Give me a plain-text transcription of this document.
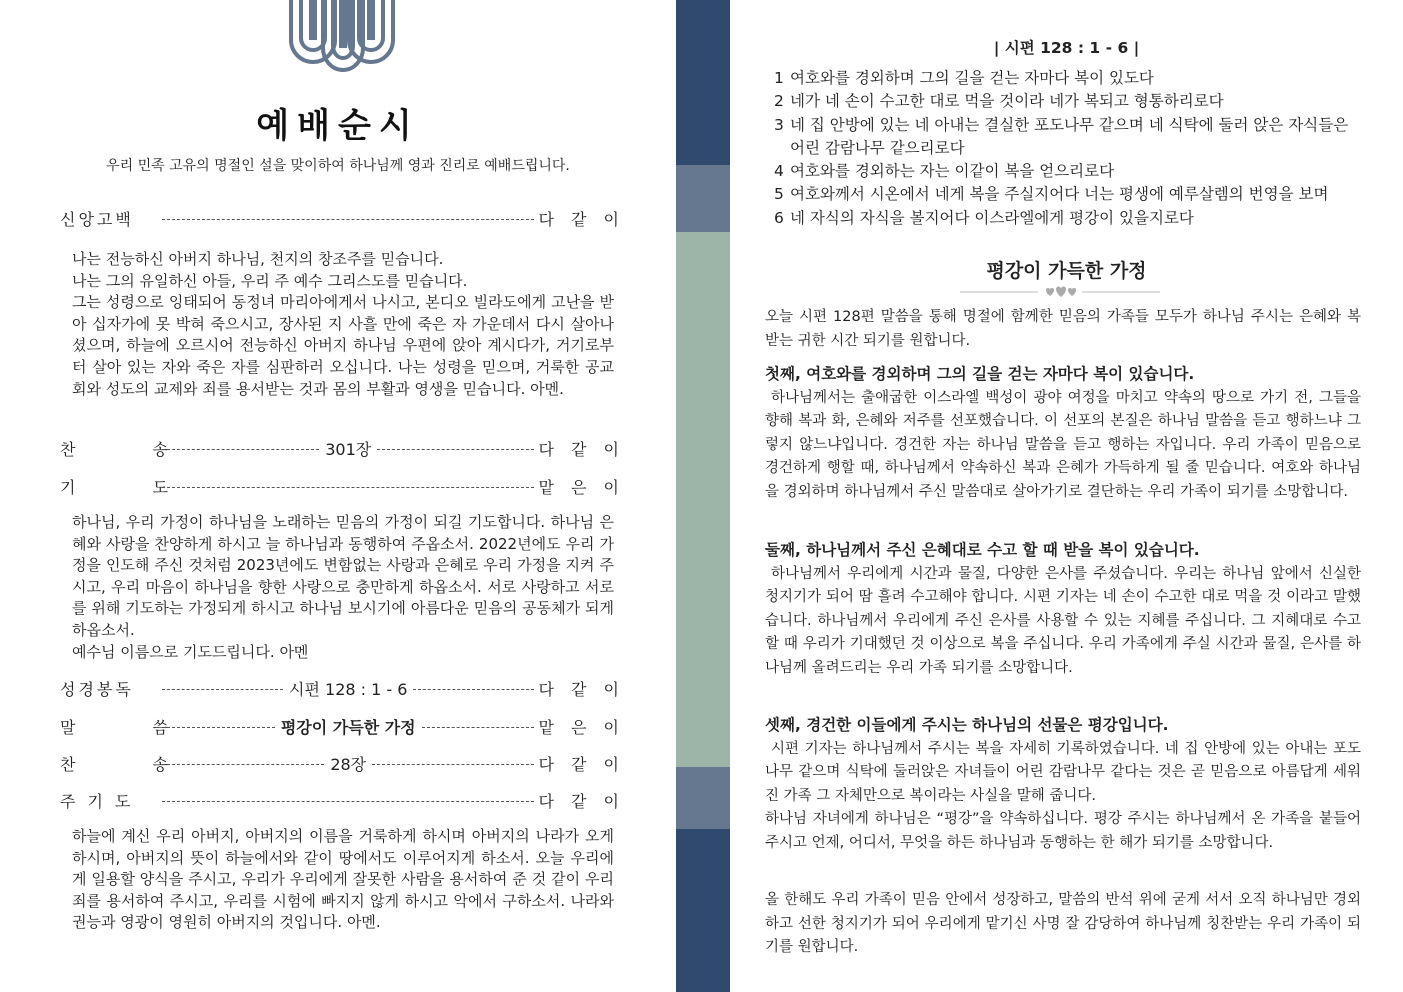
예배순시
우리 민족 고유의 명절인 설을 맞이하여 하나님께 영과 진리로 예배드립니다.
신앙고백	다 같 이

나는 전능하신 아버지 하나님, 천지의 창조주를 믿습니다.

나는 그의 유일하신 아들, 우리 주 예수 그리스도를 믿습니다.

그는 성령으로 잉태되어 동정녀 마리아에게서 나시고, 본디오 빌라도에게 고난을 받아 십자가에 못 박혀 죽으시고, 장사된 지 사흘 만에 죽은 자 가운데서 다시 살아나셨으며, 하늘에 오르시어 전능하신 아버지 하나님 우편에 앉아 계시다가, 거기로부터 살아 있는 자와 죽은 자를 심판하러 오십니다. 나는 성령을 믿으며, 거룩한 공교회와 성도의 교제와 죄를 용서받는 것과 몸의 부활과 영생을 믿습니다. 아멘.

찬 송	301장	다 같 이
기 도	맡 은 이

하나님, 우리 가정이 하나님을 노래하는 믿음의 가정이 되길 기도합니다. 하나님 은혜와 사랑을 찬양하게 하시고 늘 하나님과 동행하여 주옵소서. 2022년에도 우리 가정을 인도해 주신 것처럼 2023년에도 변함없는 사랑과 은혜로 우리 가정을 지켜 주시고, 우리 마음이 하나님을 향한 사랑으로 충만하게 하옵소서. 서로 사랑하고 서로를 위해 기도하는 가정되게 하시고 하나님 보시기에 아름다운 믿음의 공동체가 되게 하옵소서.

예수님 이름으로 기도드립니다. 아멘

성경봉독	시편 128 : 1 - 6	다 같 이
말 씀	평강이 가득한 가정	맡 은 이
찬 송	28장	다 같 이
주기도	다 같 이

하늘에 계신 우리 아버지, 아버지의 이름을 거룩하게 하시며 아버지의 나라가 오게 하시며, 아버지의 뜻이 하늘에서와 같이 땅에서도 이루어지게 하소서. 오늘 우리에게 일용할 양식을 주시고, 우리가 우리에게 잘못한 사람을 용서하여 준 것 같이 우리 죄를 용서하여 주시고, 우리를 시험에 빠지지 않게 하시고 악에서 구하소서. 나라와 권능과 영광이 영원히 아버지의 것입니다. 아멘.

| 시편 128 : 1 - 6 |
1 여호와를 경외하며 그의 길을 걷는 자마다 복이 있도다
2 네가 네 손이 수고한 대로 먹을 것이라 네가 복되고 형통하리로다
3 네 집 안방에 있는 네 아내는 결실한 포도나무 같으며 네 식탁에 둘러 앉은 자식들은 어린 감람나무 같으리로다
4 여호와를 경외하는 자는 이같이 복을 얻으리로다
5 여호와께서 시온에서 네게 복을 주실지어다 너는 평생에 예루살렘의 번영을 보며
6 네 자식의 자식을 볼지어다 이스라엘에게 평강이 있을지로다
평강이 가득한 가정

오늘 시편 128편 말씀을 통해 명절에 함께한 믿음의 가족들 모두가 하나님 주시는 은혜와 복 받는 귀한 시간 되기를 원합니다.

첫째, 여호와를 경외하며 그의 길을 걷는 자마다 복이 있습니다.

하나님께서는 출애굽한 이스라엘 백성이 광야 여정을 마치고 약속의 땅으로 가기 전, 그들을 향해 복과 화, 은혜와 저주를 선포했습니다. 이 선포의 본질은 하나님 말씀을 듣고 행하느냐 그렇지 않느냐입니다. 경건한 자는 하나님 말씀을 듣고 행하는 자입니다. 우리 가족이 믿음으로 경건하게 행할 때, 하나님께서 약속하신 복과 은혜가 가득하게 될 줄 믿습니다. 여호와 하나님을 경외하며 하나님께서 주신 말씀대로 살아가기로 결단하는 우리 가족이 되기를 소망합니다.

둘째, 하나님께서 주신 은혜대로 수고 할 때 받을 복이 있습니다.

하나님께서 우리에게 시간과 물질, 다양한 은사를 주셨습니다. 우리는 하나님 앞에서 신실한 청지기가 되어 땀 흘려 수고해야 합니다. 시편 기자는 네 손이 수고한 대로 먹을 것 이라고 말했습니다. 하나님께서 우리에게 주신 은사를 사용할 수 있는 지혜를 주십니다. 그 지혜대로 수고할 때 우리가 기대했던 것 이상으로 복을 주십니다. 우리 가족에게 주실 시간과 물질, 은사를 하나님께 올려드리는 우리 가족 되기를 소망합니다.

셋째, 경건한 이들에게 주시는 하나님의 선물은 평강입니다.

시편 기자는 하나님께서 주시는 복을 자세히 기록하였습니다. 네 집 안방에 있는 아내는 포도나무 같으며 식탁에 둘러앉은 자녀들이 어린 감람나무 같다는 것은 곧 믿음으로 아름답게 세워진 가족 그 자체만으로 복이라는 사실을 말해 줍니다.

하나님 자녀에게 하나님은 “평강”을 약속하십니다. 평강 주시는 하나님께서 온 가족을 붙들어 주시고 언제, 어디서, 무엇을 하든 하나님과 동행하는 한 해가 되기를 소망합니다.

올 한해도 우리 가족이 믿음 안에서 성장하고, 말씀의 반석 위에 굳게 서서 오직 하나님만 경외하고 선한 청지기가 되어 우리에게 맡기신 사명 잘 감당하여 하나님께 칭찬받는 우리 가족이 되기를 원합니다.
